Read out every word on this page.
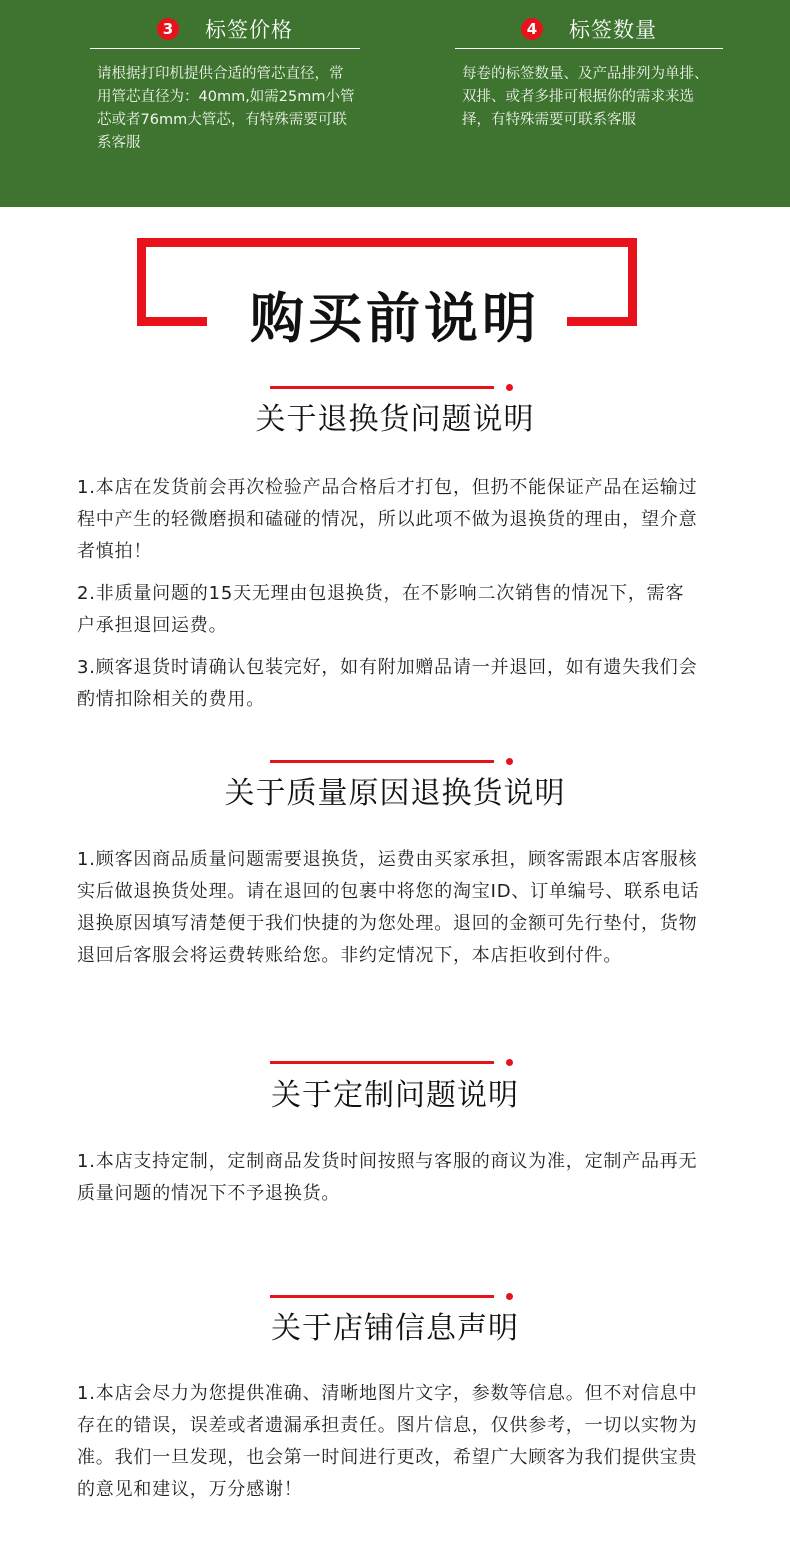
3 标签价格
请根据打印机提供合适的管芯直径，常用管芯直径为：40mm,如需25mm小管芯或者76mm大管芯，有特殊需要可联系客服
4 标签数量
每卷的标签数量、及产品排列为单排、双排、或者多排可根据你的需求来选择，有特殊需要可联系客服
购买前说明
关于退换货问题说明

1.本店在发货前会再次检验产品合格后才打包，但扔不能保证产品在运输过程中产生的轻微磨损和磕碰的情况，所以此项不做为退换货的理由，望介意者慎拍！

2.非质量问题的15天无理由包退换货，在不影响二次销售的情况下，需客户承担退回运费。

3.顾客退货时请确认包装完好，如有附加赠品请一并退回，如有遗失我们会酌情扣除相关的费用。

关于质量原因退换货说明

1.顾客因商品质量问题需要退换货，运费由买家承担，顾客需跟本店客服核实后做退换货处理。请在退回的包裹中将您的淘宝ID、订单编号、联系电话退换原因填写清楚便于我们快捷的为您处理。退回的金额可先行垫付，货物退回后客服会将运费转账给您。非约定情况下，本店拒收到付件。

关于定制问题说明

1.本店支持定制，定制商品发货时间按照与客服的商议为准，定制产品再无质量问题的情况下不予退换货。

关于店铺信息声明

1.本店会尽力为您提供准确、清晰地图片文字，参数等信息。但不对信息中存在的错误，误差或者遗漏承担责任。图片信息，仅供参考，一切以实物为准。我们一旦发现，也会第一时间进行更改，希望广大顾客为我们提供宝贵的意见和建议，万分感谢！
